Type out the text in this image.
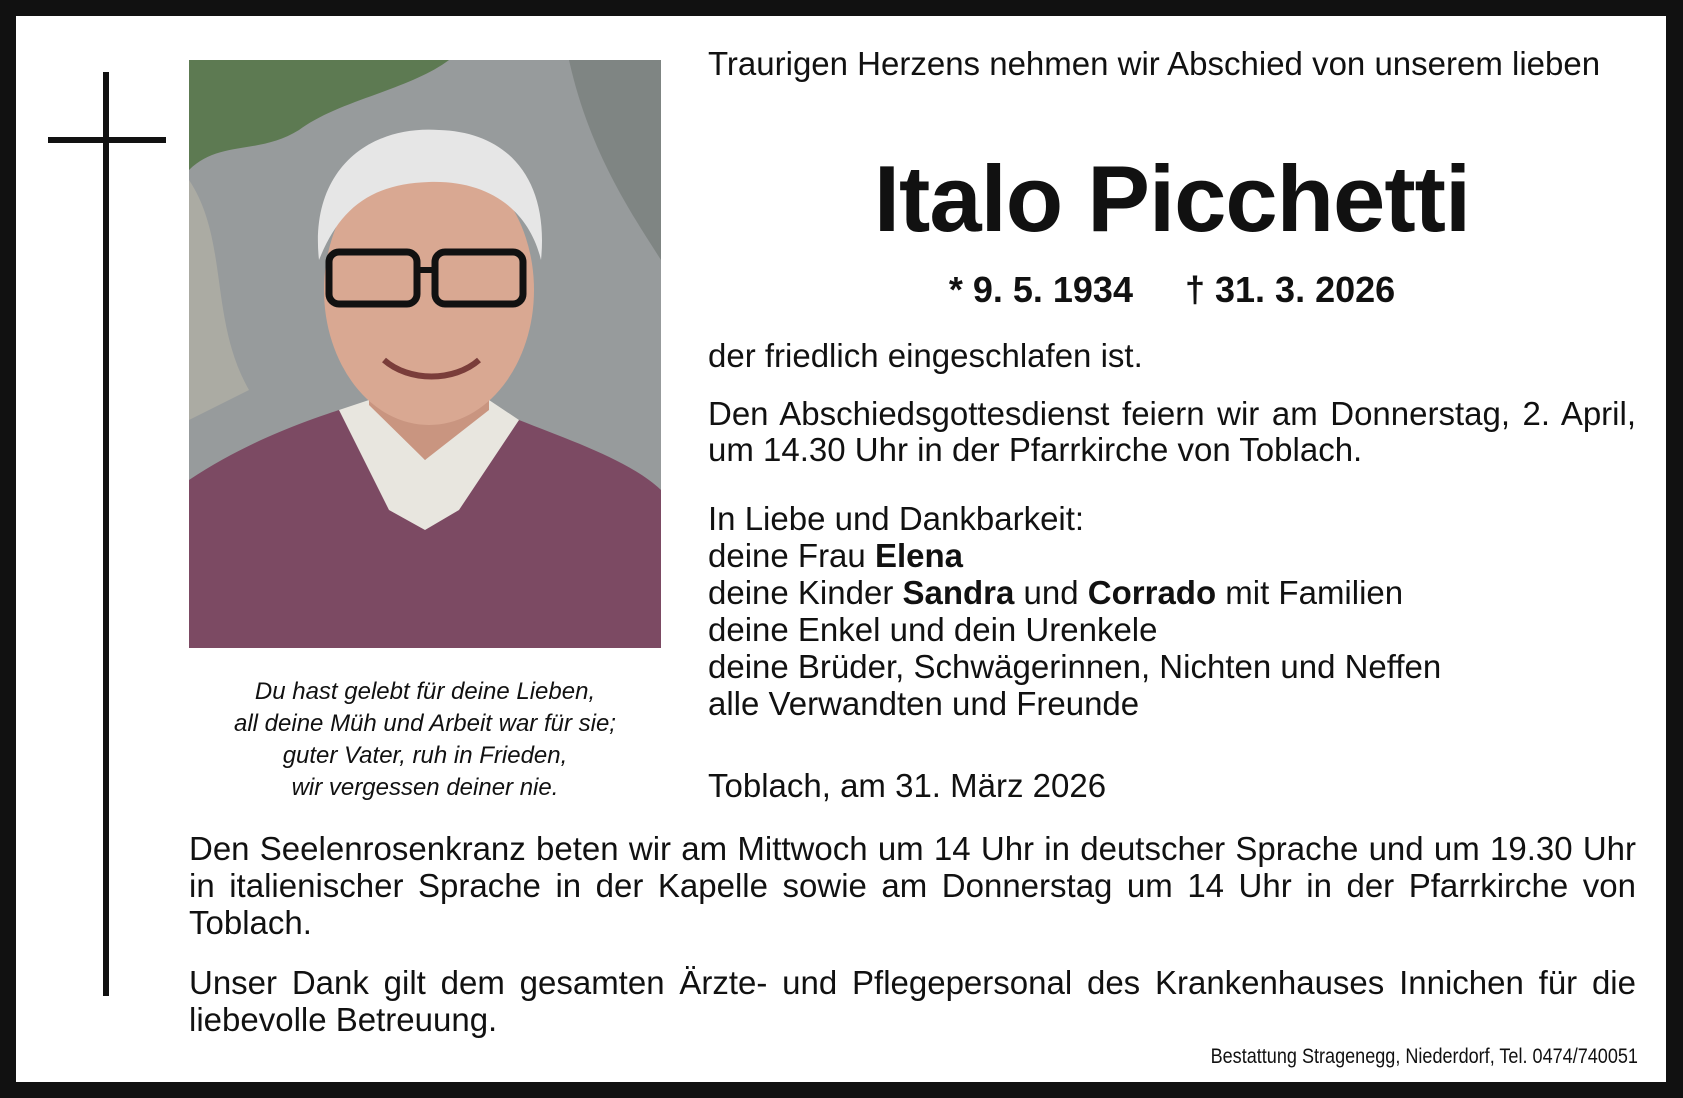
Du hast gelebt für deine Lieben,
all deine Müh und Arbeit war für sie;
guter Vater, ruh in Frieden,
wir vergessen deiner nie.
Traurigen Herzens nehmen wir Abschied von unserem lieben
Italo Picchetti
* 9. 5. 1934 † 31. 3. 2026
der friedlich eingeschlafen ist.
Den Abschiedsgottesdienst feiern wir am Donnerstag, 2. April, um 14.30 Uhr in der Pfarrkirche von Toblach.
In Liebe und Dankbarkeit:
deine Frau Elena
deine Kinder Sandra und Corrado mit Familien
deine Enkel und dein Urenkele
deine Brüder, Schwägerinnen, Nichten und Neffen
alle Verwandten und Freunde
Toblach, am 31. März 2026
Den Seelenrosenkranz beten wir am Mittwoch um 14 Uhr in deutscher Sprache und um 19.30 Uhr in italienischer Sprache in der Kapelle sowie am Donnerstag um 14 Uhr in der Pfarrkirche von Toblach.
Unser Dank gilt dem gesamten Ärzte- und Pflegepersonal des Krankenhauses Innichen für die liebevolle Betreuung.
Bestattung Stragenegg, Niederdorf, Tel. 0474/740051
